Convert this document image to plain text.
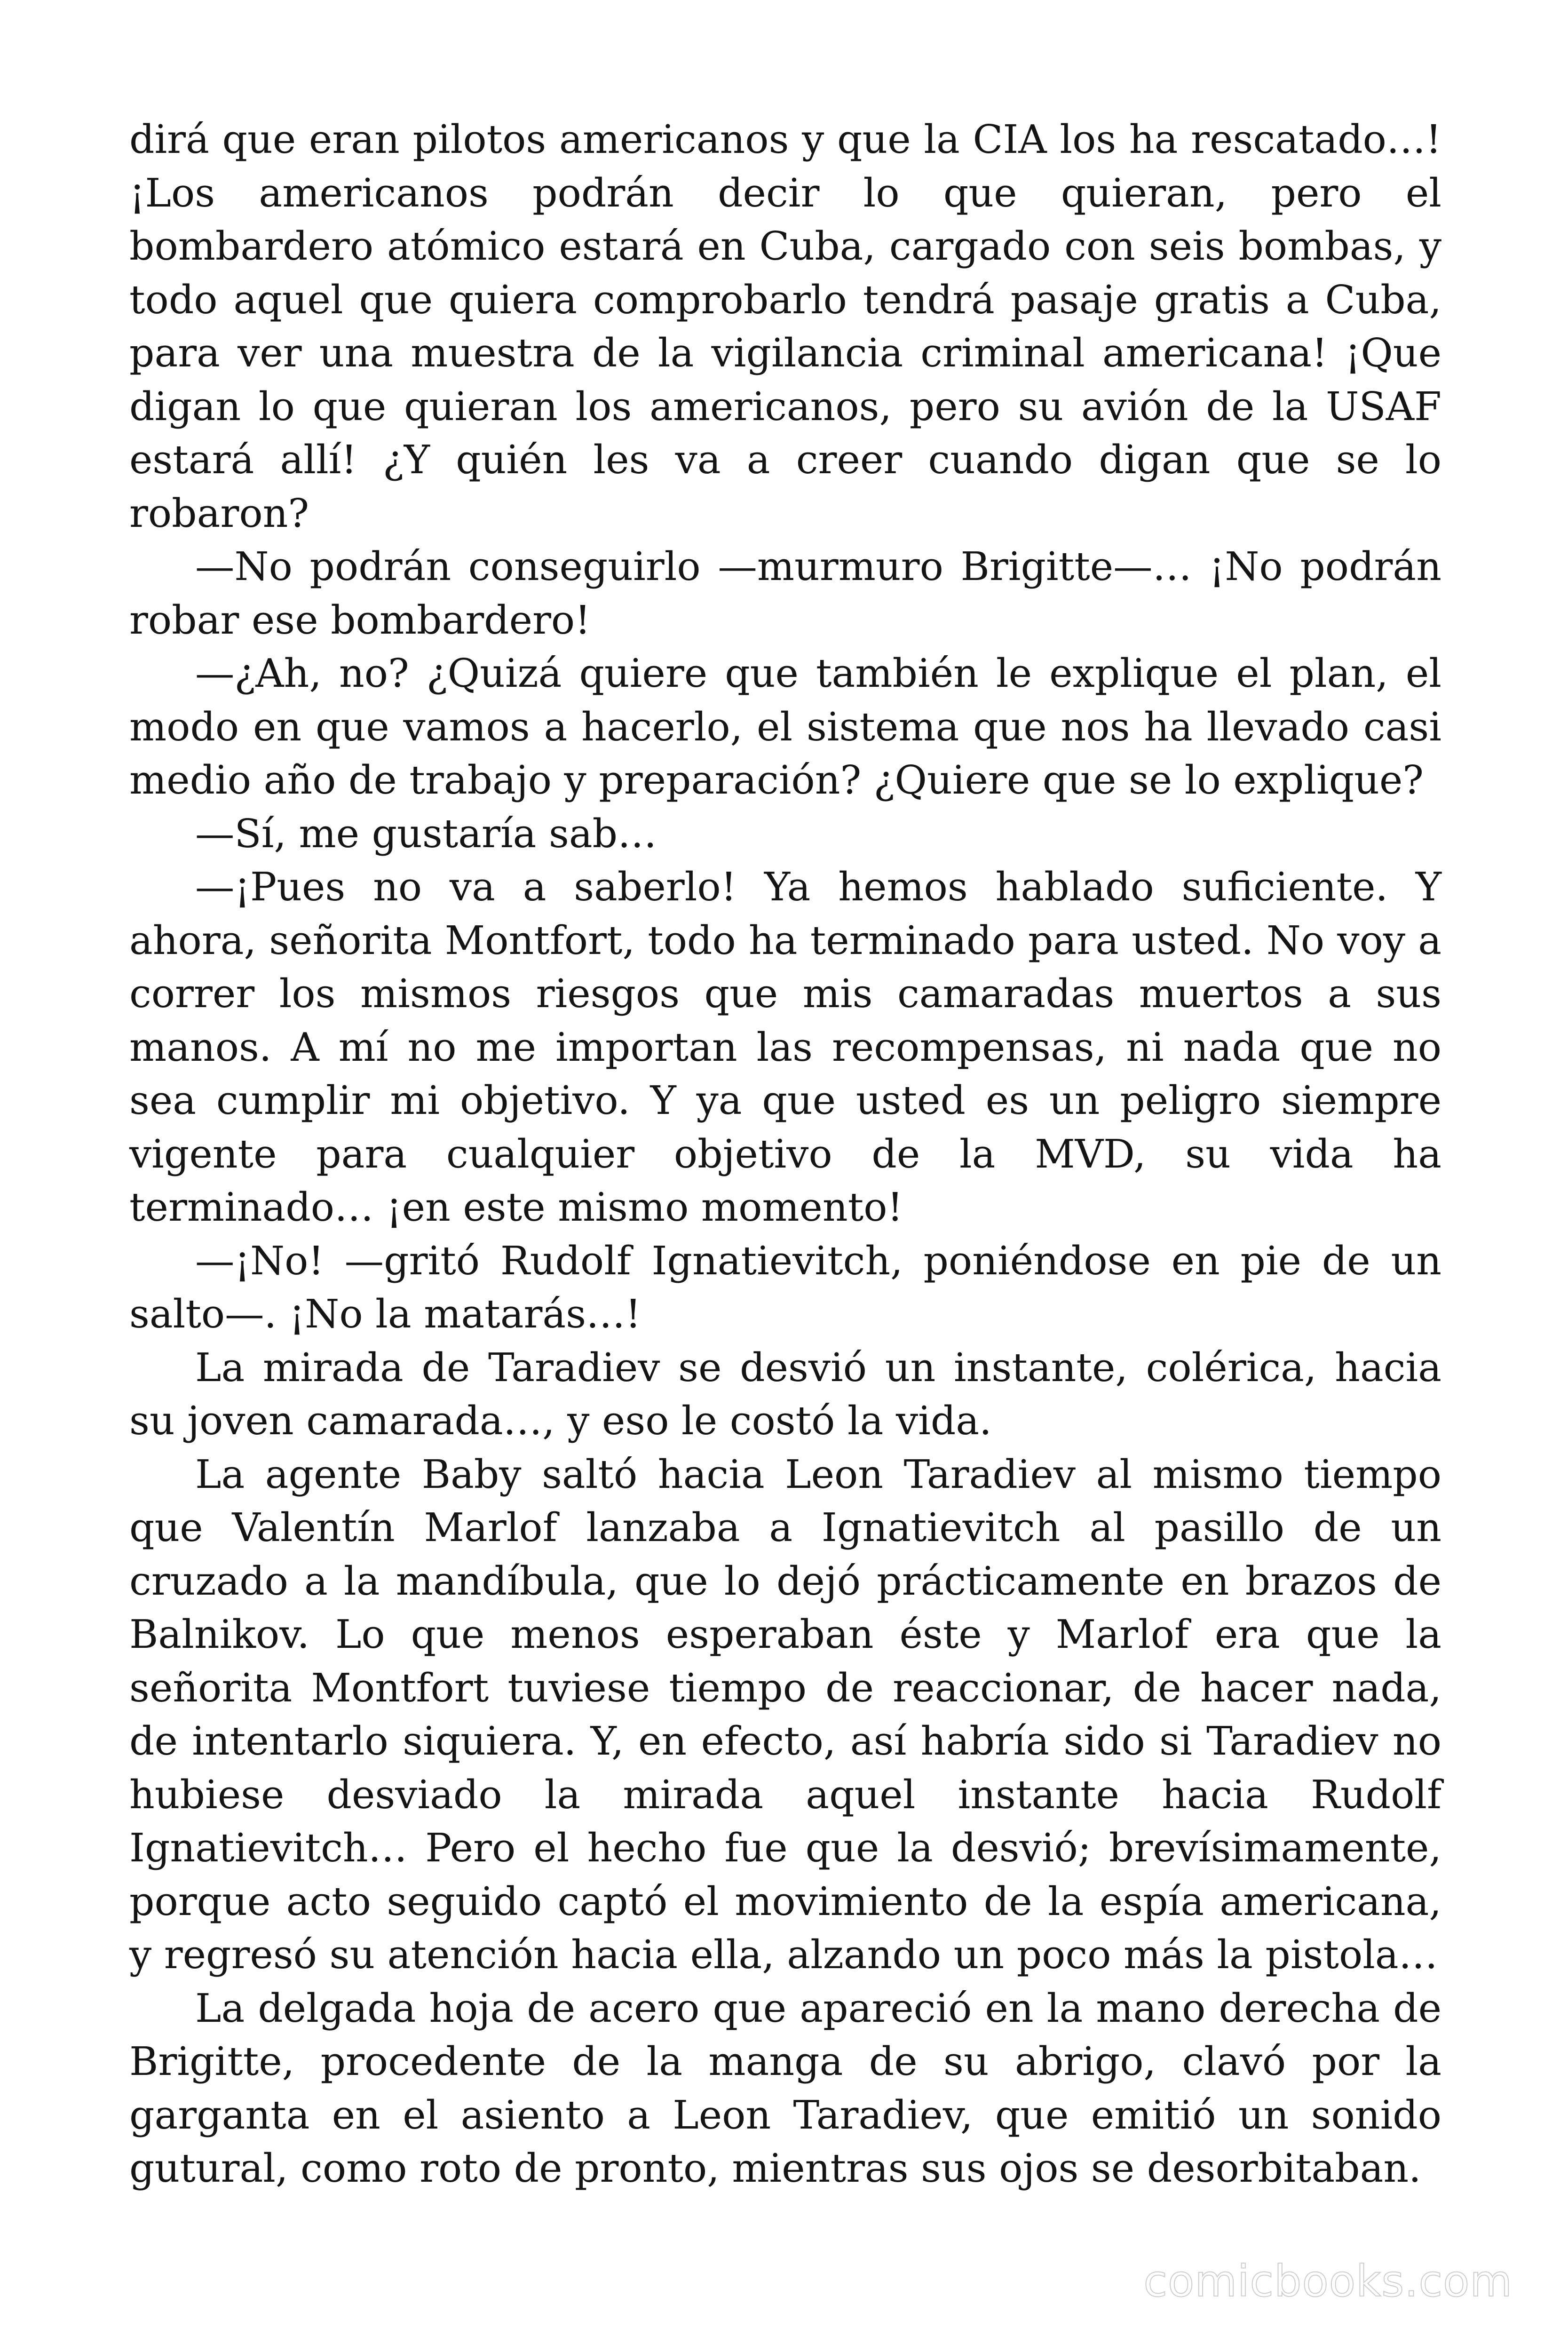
dirá que eran pilotos americanos y que la CIA los ha rescatado…! ¡Los americanos podrán decir lo que quieran, pero el bombardero atómico estará en Cuba, cargado con seis bombas, y todo aquel que quiera comprobarlo tendrá pasaje gratis a Cuba, para ver una muestra de la vigilancia criminal americana! ¡Que digan lo que quieran los americanos, pero su avión de la USAF estará allí! ¿Y quién les va a creer cuando digan que se lo robaron?

—No podrán conseguirlo —murmuro Brigitte—… ¡No podrán robar ese bombardero!

—¿Ah, no? ¿Quizá quiere que también le explique el plan, el modo en que vamos a hacerlo, el sistema que nos ha llevado casi medio año de trabajo y preparación? ¿Quiere que se lo explique?

—Sí, me gustaría sab…

—¡Pues no va a saberlo! Ya hemos hablado suficiente. Y ahora, señorita Montfort, todo ha terminado para usted. No voy a correr los mismos riesgos que mis camaradas muertos a sus manos. A mí no me importan las recompensas, ni nada que no sea cumplir mi objetivo. Y ya que usted es un peligro siempre vigente para cualquier objetivo de la MVD, su vida ha terminado… ¡en este mismo momento!

—¡No! —gritó Rudolf Ignatievitch, poniéndose en pie de un salto—. ¡No la matarás…!

La mirada de Taradiev se desvió un instante, colérica, hacia su joven camarada…, y eso le costó la vida.

La agente Baby saltó hacia Leon Taradiev al mismo tiempo que Valentín Marlof lanzaba a Ignatievitch al pasillo de un cruzado a la mandíbula, que lo dejó prácticamente en brazos de Balnikov. Lo que menos esperaban éste y Marlof era que la señorita Montfort tuviese tiempo de reaccionar, de hacer nada, de intentarlo siquiera. Y, en efecto, así habría sido si Taradiev no hubiese desviado la mirada aquel instante hacia Rudolf Ignatievitch… Pero el hecho fue que la desvió; brevísimamente, porque acto seguido captó el movimiento de la espía americana, y regresó su atención hacia ella, alzando un poco más la pistola…

La delgada hoja de acero que apareció en la mano derecha de Brigitte, procedente de la manga de su abrigo, clavó por la garganta en el asiento a Leon Taradiev, que emitió un sonido gutural, como roto de pronto, mientras sus ojos se desorbitaban.

comicbooks.com
